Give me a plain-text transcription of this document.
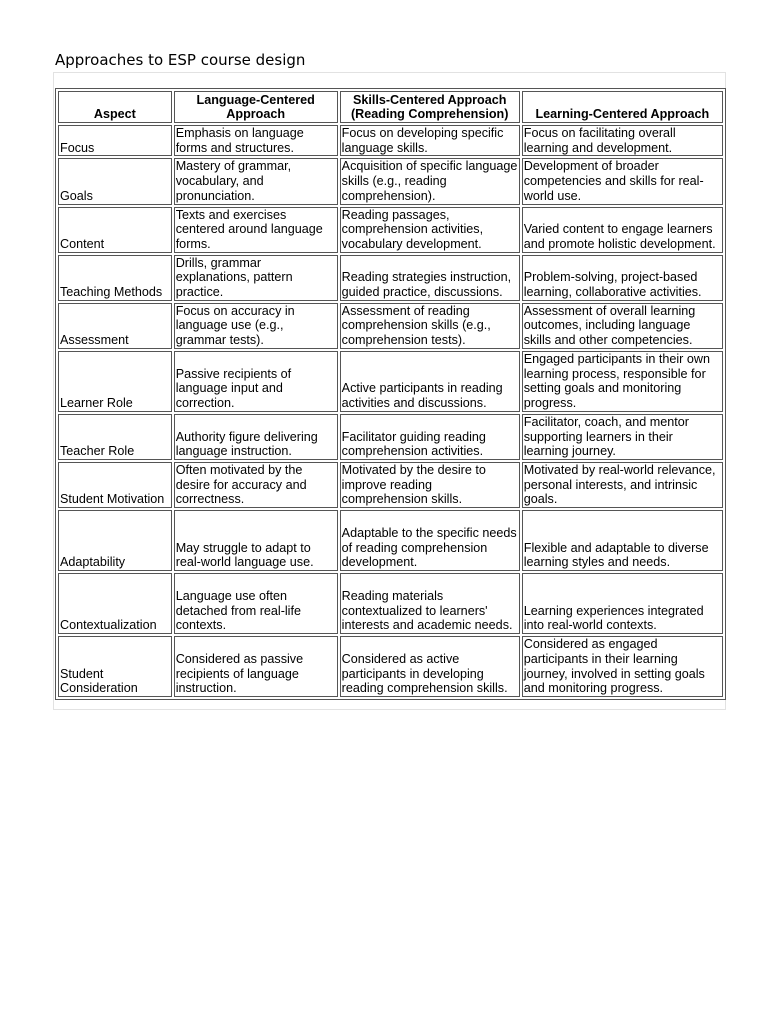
Approaches to ESP course design
Aspect	Language-Centered Approach	Skills-Centered Approach (Reading Comprehension)	Learning-Centered Approach
Focus	Emphasis on language forms and structures.	Focus on developing specific language skills.	Focus on facilitating overall learning and development.
Goals	Mastery of grammar, vocabulary, and pronunciation.	Acquisition of specific language skills (e.g., reading comprehension).	Development of broader competencies and skills for real-world use.
Content	Texts and exercises centered around language forms.	Reading passages, comprehension activities, vocabulary development.	Varied content to engage learners and promote holistic development.
Teaching Methods	Drills, grammar explanations, pattern practice.	Reading strategies instruction, guided practice, discussions.	Problem-solving, project-based learning, collaborative activities.
Assessment	Focus on accuracy in language use (e.g., grammar tests).	Assessment of reading comprehension skills (e.g., comprehension tests).	Assessment of overall learning outcomes, including language skills and other competencies.
Learner Role	Passive recipients of language input and correction.	Active participants in reading activities and discussions.	Engaged participants in their own learning process, responsible for setting goals and monitoring progress.
Teacher Role	Authority figure delivering language instruction.	Facilitator guiding reading comprehension activities.	Facilitator, coach, and mentor supporting learners in their learning journey.
Student Motivation	Often motivated by the desire for accuracy and correctness.	Motivated by the desire to improve reading comprehension skills.	Motivated by real-world relevance, personal interests, and intrinsic goals.
Adaptability	May struggle to adapt to real-world language use.	Adaptable to the specific needs of reading comprehension development.	Flexible and adaptable to diverse learning styles and needs.
Contextualization	Language use often detached from real-life contexts.	Reading materials contextualized to learners' interests and academic needs.	Learning experiences integrated into real-world contexts.
Student Consideration	Considered as passive recipients of language instruction.	Considered as active participants in developing reading comprehension skills.	Considered as engaged participants in their learning journey, involved in setting goals and monitoring progress.
